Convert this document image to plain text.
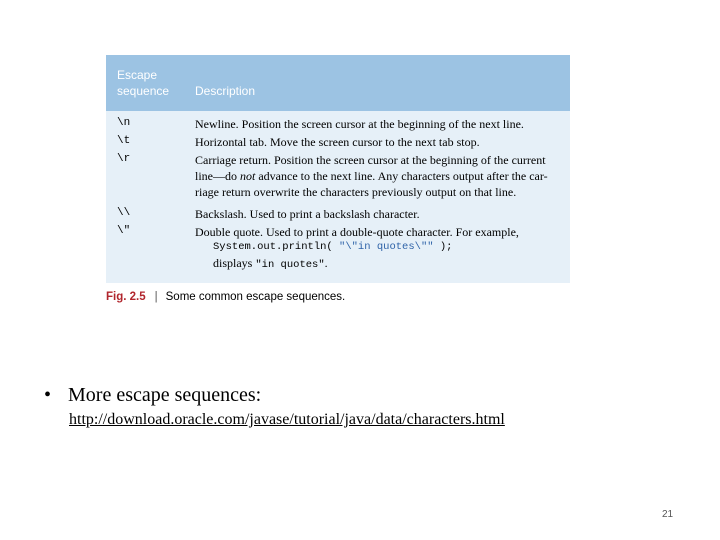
Escape
sequence	Description
\n	Newline. Position the screen cursor at the beginning of the next line.
\t	Horizontal tab. Move the screen cursor to the next tab stop.
\r	Carriage return. Position the screen cursor at the beginning of the current
line—do not advance to the next line. Any characters output after the car-
riage return overwrite the characters previously output on that line.
\\	Backslash. Used to print a backslash character.
\"	Double quote. Used to print a double-quote character. For example,
System.out.println( "\"in quotes\"" );
displays "in quotes".
Fig. 2.5 | Some common escape sequences.
• More escape sequences:
http://download.oracle.com/javase/tutorial/java/data/characters.html
21
